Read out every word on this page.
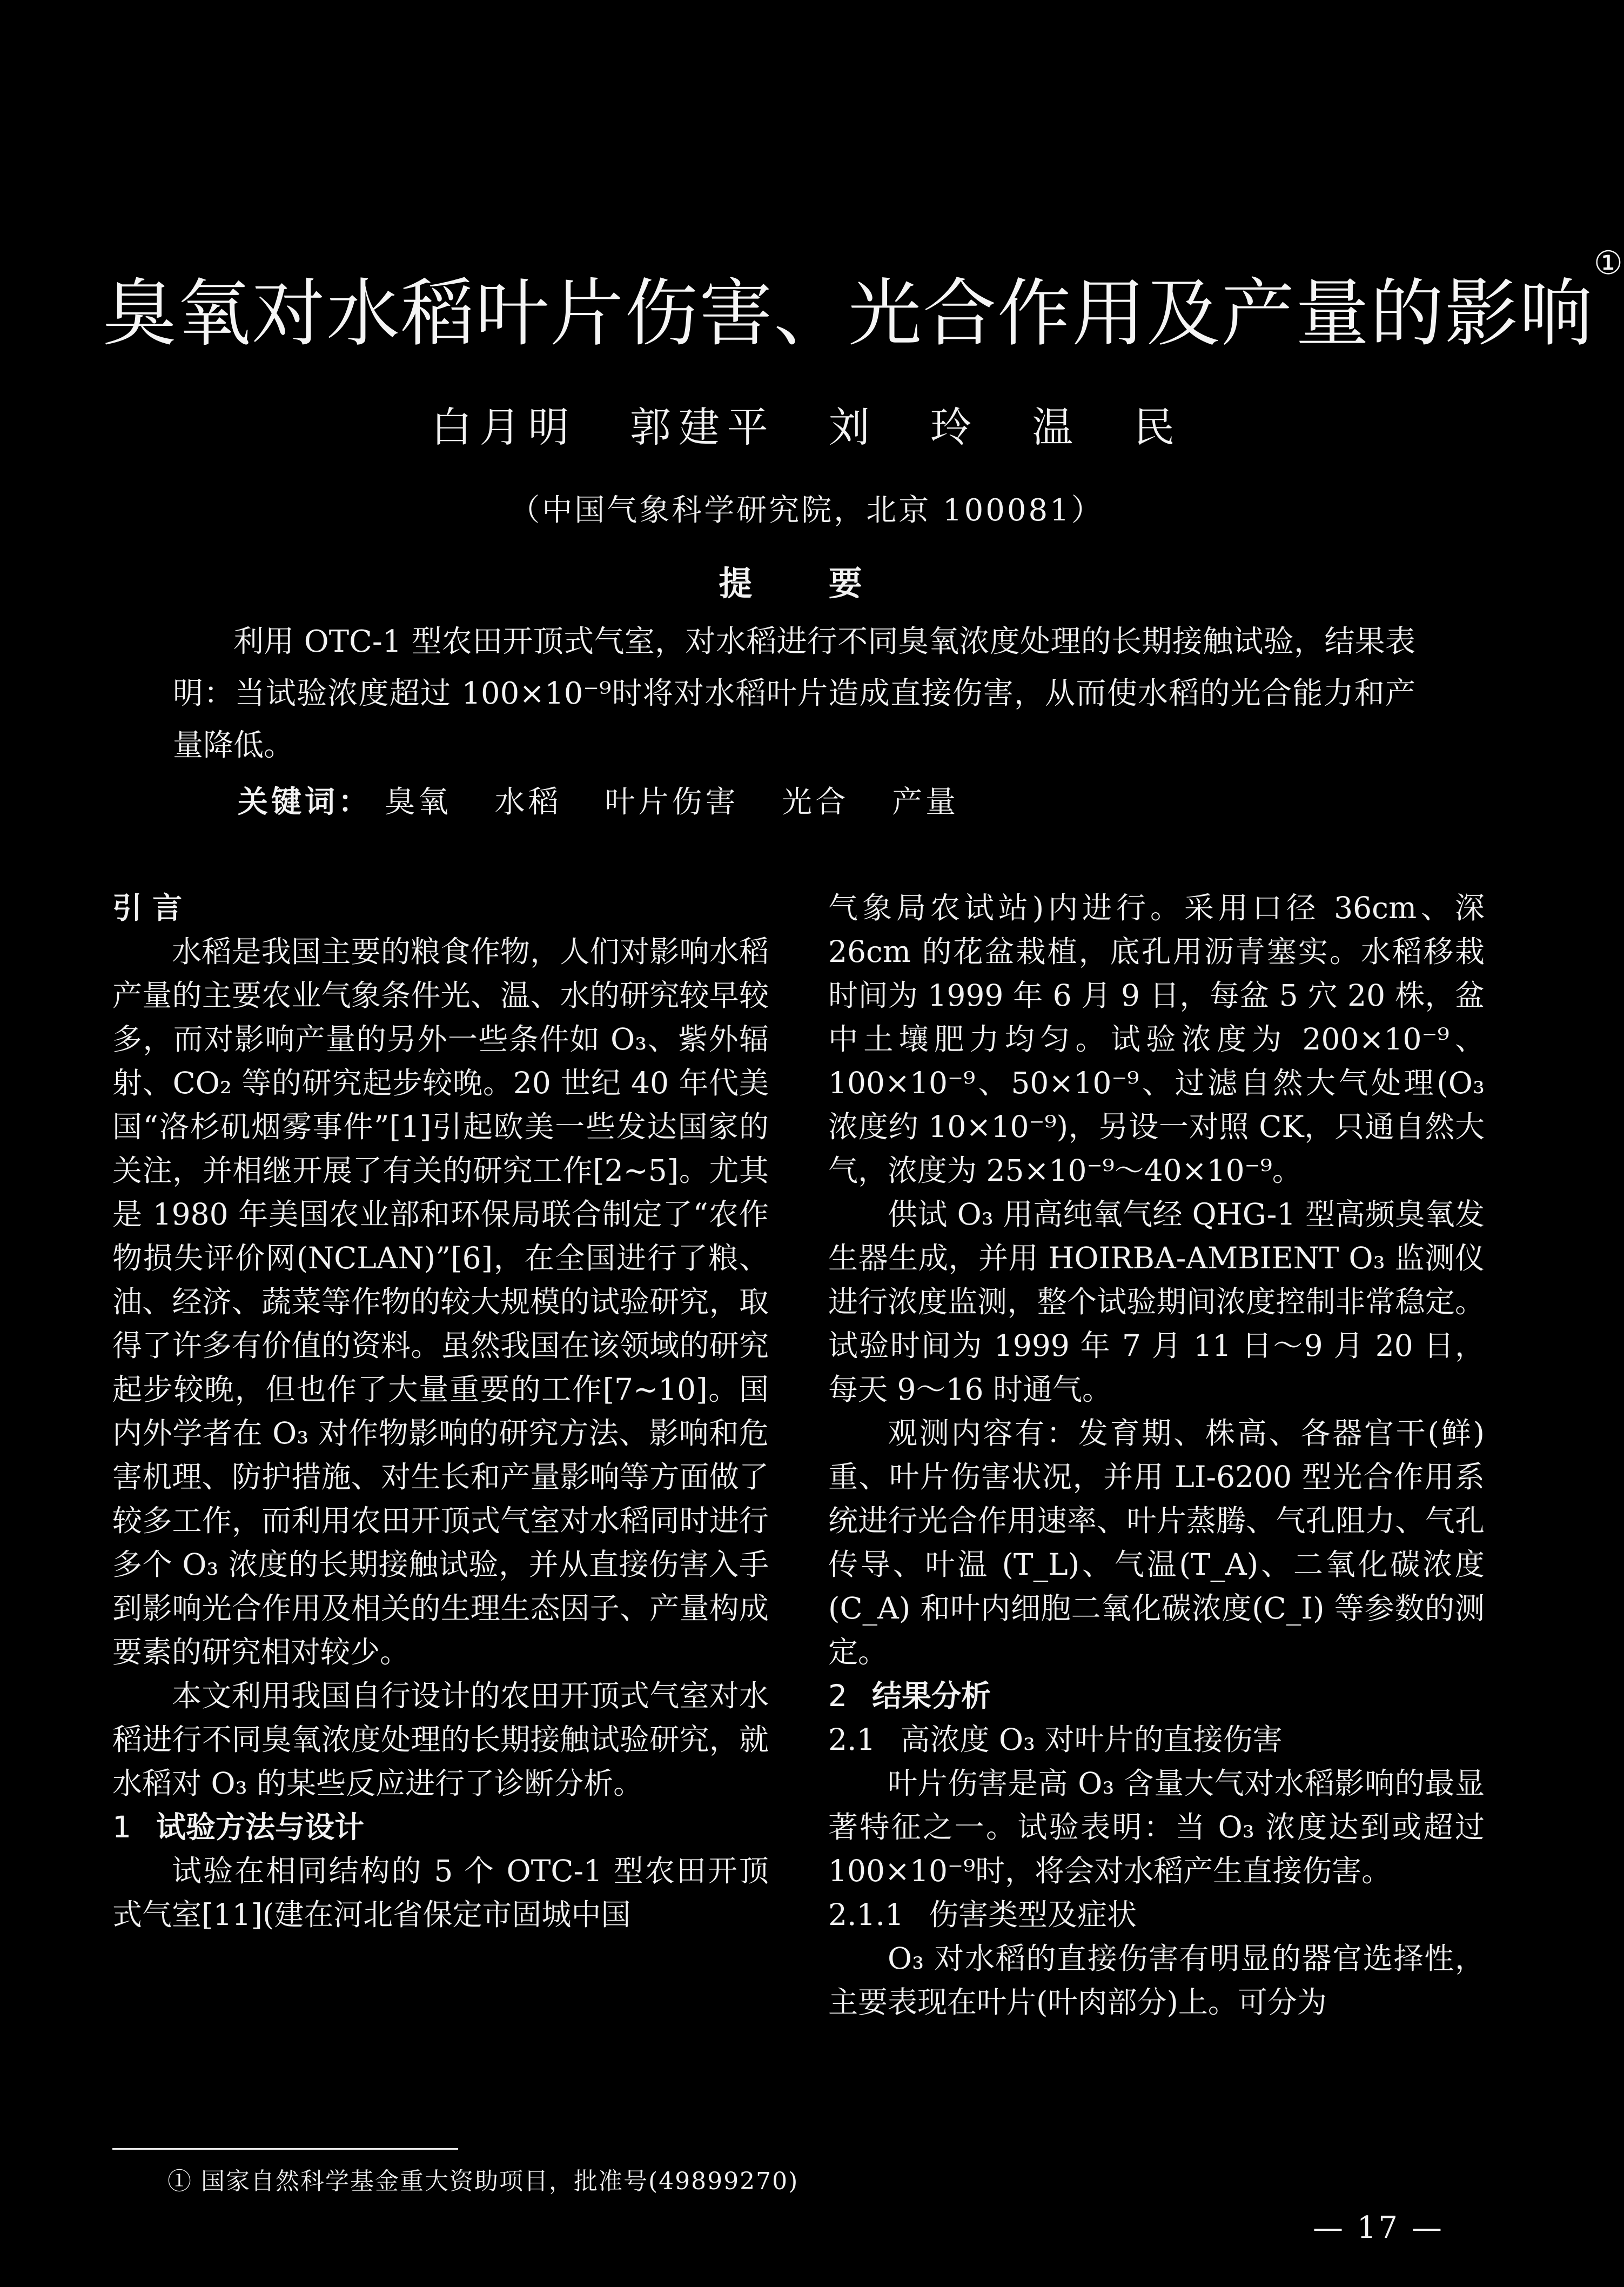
臭氧对水稻叶片伤害、光合作用及产量的影响①
白月明 郭建平 刘 玲 温 民
（中国气象科学研究院，北京 100081）
提 要
利用 OTC-1 型农田开顶式气室，对水稻进行不同臭氧浓度处理的长期接触试验，结果表明：当试验浓度超过 100×10⁻⁹时将对水稻叶片造成直接伤害，从而使水稻的光合能力和产量降低。
关键词： 臭氧 水稻 叶片伤害 光合 产量
引 言

水稻是我国主要的粮食作物，人们对影响水稻产量的主要农业气象条件光、温、水的研究较早较多，而对影响产量的另外一些条件如 O₃、紫外辐射、CO₂ 等的研究起步较晚。20 世纪 40 年代美国“洛杉矶烟雾事件”[1]引起欧美一些发达国家的关注，并相继开展了有关的研究工作[2~5]。尤其是 1980 年美国农业部和环保局联合制定了“农作物损失评价网(NCLAN)”[6]，在全国进行了粮、油、经济、蔬菜等作物的较大规模的试验研究，取得了许多有价值的资料。虽然我国在该领域的研究起步较晚，但也作了大量重要的工作[7~10]。国内外学者在 O₃ 对作物影响的研究方法、影响和危害机理、防护措施、对生长和产量影响等方面做了较多工作，而利用农田开顶式气室对水稻同时进行多个 O₃ 浓度的长期接触试验，并从直接伤害入手到影响光合作用及相关的生理生态因子、产量构成要素的研究相对较少。

本文利用我国自行设计的农田开顶式气室对水稻进行不同臭氧浓度处理的长期接触试验研究，就水稻对 O₃ 的某些反应进行了诊断分析。

1 试验方法与设计

试验在相同结构的 5 个 OTC-1 型农田开顶式气室[11](建在河北省保定市固城中国

气象局农试站)内进行。采用口径 36cm、深 26cm 的花盆栽植，底孔用沥青塞实。水稻移栽时间为 1999 年 6 月 9 日，每盆 5 穴 20 株，盆中土壤肥力均匀。试验浓度为 200×10⁻⁹、100×10⁻⁹、50×10⁻⁹、过滤自然大气处理(O₃ 浓度约 10×10⁻⁹)，另设一对照 CK，只通自然大气，浓度为 25×10⁻⁹～40×10⁻⁹。

供试 O₃ 用高纯氧气经 QHG-1 型高频臭氧发生器生成，并用 HOIRBA-AMBIENT O₃ 监测仪进行浓度监测，整个试验期间浓度控制非常稳定。试验时间为 1999 年 7 月 11 日～9 月 20 日，每天 9～16 时通气。

观测内容有：发育期、株高、各器官干(鲜)重、叶片伤害状况，并用 LI-6200 型光合作用系统进行光合作用速率、叶片蒸腾、气孔阻力、气孔传导、叶温 (T_L)、气温(T_A)、二氧化碳浓度(C_A) 和叶内细胞二氧化碳浓度(C_I) 等参数的测定。

2 结果分析
2.1 高浓度 O₃ 对叶片的直接伤害

叶片伤害是高 O₃ 含量大气对水稻影响的最显著特征之一。试验表明：当 O₃ 浓度达到或超过 100×10⁻⁹时，将会对水稻产生直接伤害。

2.1.1 伤害类型及症状

O₃ 对水稻的直接伤害有明显的器官选择性，主要表现在叶片(叶肉部分)上。可分为

① 国家自然科学基金重大资助项目，批准号(49899270)
— 17 —
